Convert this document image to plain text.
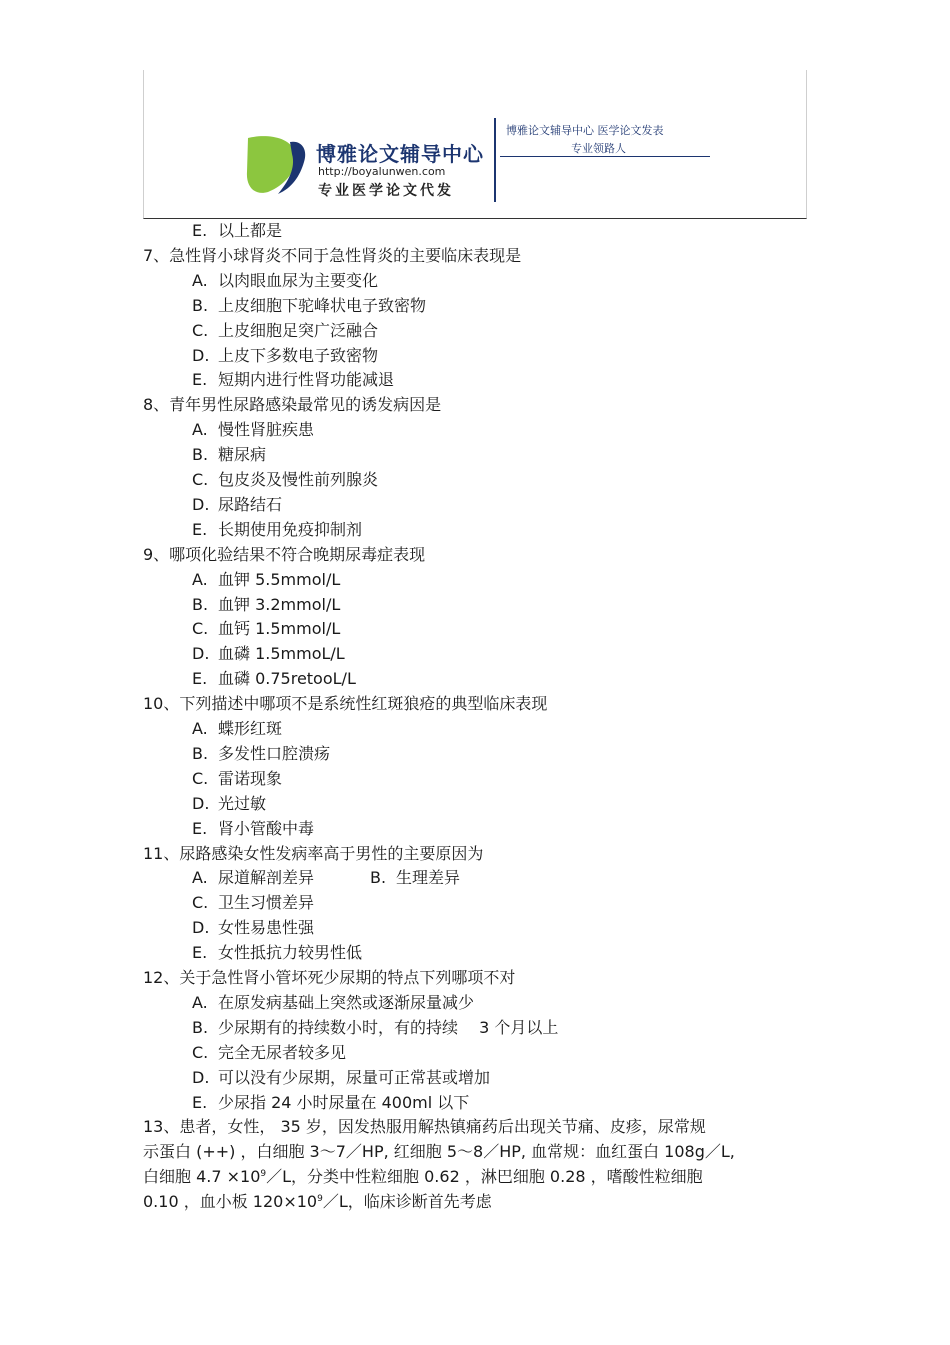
博雅论文辅导中心
http://boyalunwen.com
专业医学论文代发
博雅论文辅导中心 医学论文发表
专业领路人
E. 以上都是
7、急性肾小球肾炎不同于急性肾炎的主要临床表现是
A. 以肉眼血尿为主要变化
B. 上皮细胞下驼峰状电子致密物
C. 上皮细胞足突广泛融合
D. 上皮下多数电子致密物
E. 短期内进行性肾功能减退
8、青年男性尿路感染最常见的诱发病因是
A. 慢性肾脏疾患
B. 糖尿病
C. 包皮炎及慢性前列腺炎
D. 尿路结石
E. 长期使用免疫抑制剂
9、哪项化验结果不符合晚期尿毒症表现
A. 血钾 5.5mmol/L
B. 血钾 3.2mmol/L
C. 血钙 1.5mmol/L
D. 血磷 1.5mmoL/L
E. 血磷 0.75retooL/L
10、下列描述中哪项不是系统性红斑狼疮的典型临床表现
A. 蝶形红斑
B. 多发性口腔溃疡
C. 雷诺现象
D. 光过敏
E. 肾小管酸中毒
11、尿路感染女性发病率高于男性的主要原因为
A. 尿道解剖差异	B. 生理差异
C. 卫生习惯差异
D. 女性易患性强
E. 女性抵抗力较男性低
12、关于急性肾小管坏死少尿期的特点下列哪项不对
A. 在原发病基础上突然或逐渐尿量减少
B. 少尿期有的持续数小时，有的持续　 3 个月以上
C. 完全无尿者较多见
D. 可以没有少尿期，尿量可正常甚或增加
E. 少尿指 24 小时尿量在 400ml 以下
13、患者，女性， 35 岁，因发热服用解热镇痛药后出现关节痛、皮疹，尿常规
示蛋白 (++) ，白细胞 3～7／HP, 红细胞 5～8／HP, 血常规：血红蛋白 108g／L,
白细胞 $4.7 \times 10^9/L$，分类中性粒细胞 0.62 ，淋巴细胞 0.28 ，嗜酸性粒细胞
0.10 ，血小板 $120\times 10^9/L$，临床诊断首先考虑
